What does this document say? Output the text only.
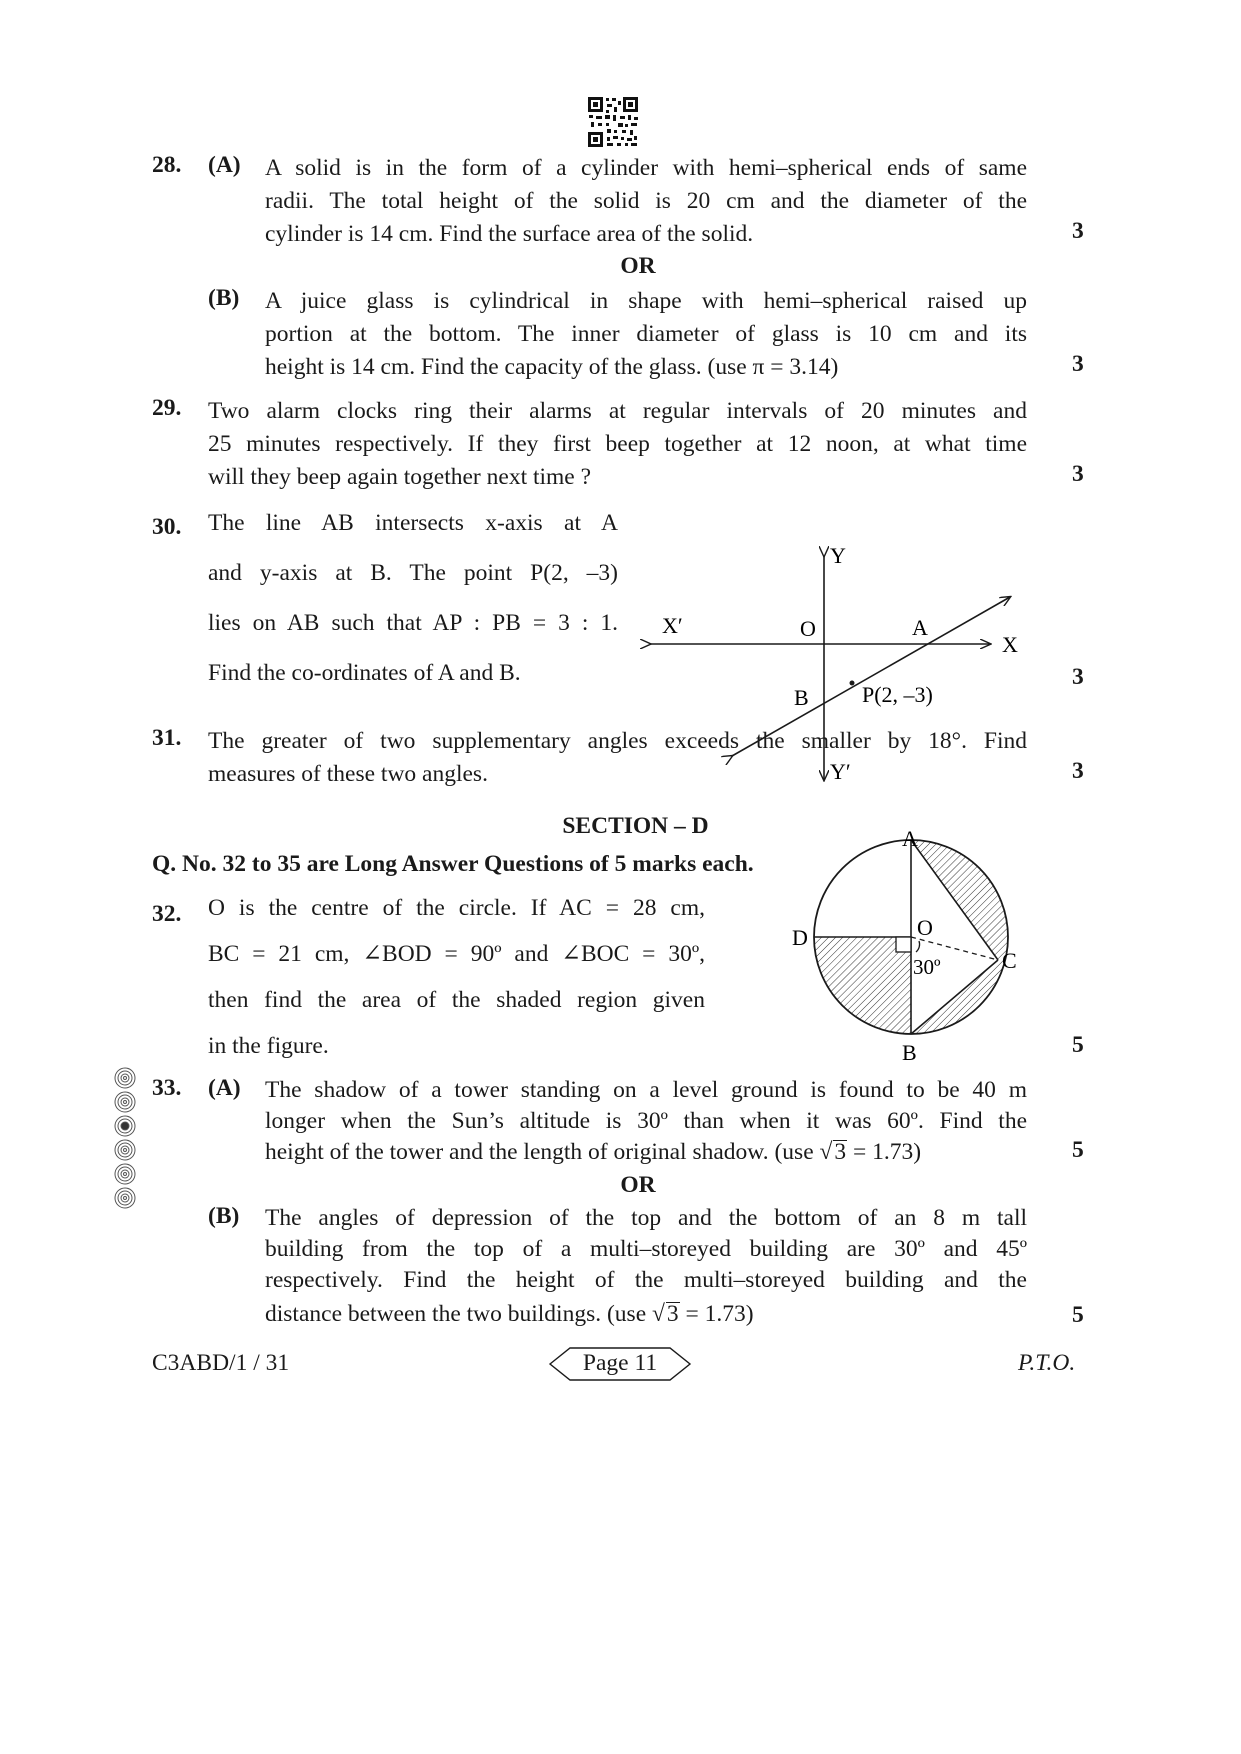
28. (A) A solid is in the form of a cylinder with hemi–spherical ends of same
radii. The total height of the solid is 20 cm and the diameter of the
cylinder is 14 cm. Find the surface area of the solid.	3
OR
(B) A juice glass is cylindrical in shape with hemi–spherical raised up
portion at the bottom. The inner diameter of glass is 10 cm and its
height is 14 cm. Find the capacity of the glass. (use π = 3.14)	3
29. Two alarm clocks ring their alarms at regular intervals of 20 minutes and
25 minutes respectively. If they first beep together at 12 noon, at what time
will they beep again together next time ?	3
30. The line AB intersects x-axis at A
and y-axis at B. The point P(2, –3)
lies on AB such that AP : PB = 3 : 1.
Find the co-ordinates of A and B.	3
Y
Y′
X
X′	O	A
B P(2, –3)
31. The greater of two supplementary angles exceeds the smaller by 18°. Find
measures of these two angles.	3
SECTION – D
Q. No. 32 to 35 are Long Answer Questions of 5 marks each.
32. O is the centre of the circle. If AC = 28 cm,
BC = 21 cm, ∠BOD = 90º and ∠BOC = 30º,
then find the area of the shaded region given
in the figure.	5
A
B
C
D	O
30º
33. (A) The shadow of a tower standing on a level ground is found to be 40 m
longer when the Sun’s altitude is 30º than when it was 60º. Find the
height of the tower and the length of original shadow. (use √3 = 1.73)	5
OR
(B) The angles of depression of the top and the bottom of an 8 m tall
building from the top of a multi–storeyed building are 30º and 45º
respectively. Find the height of the multi–storeyed building and the
distance between the two buildings. (use √3 = 1.73)	5
C3ABD/1 / 31	Page 11	P.T.O.
